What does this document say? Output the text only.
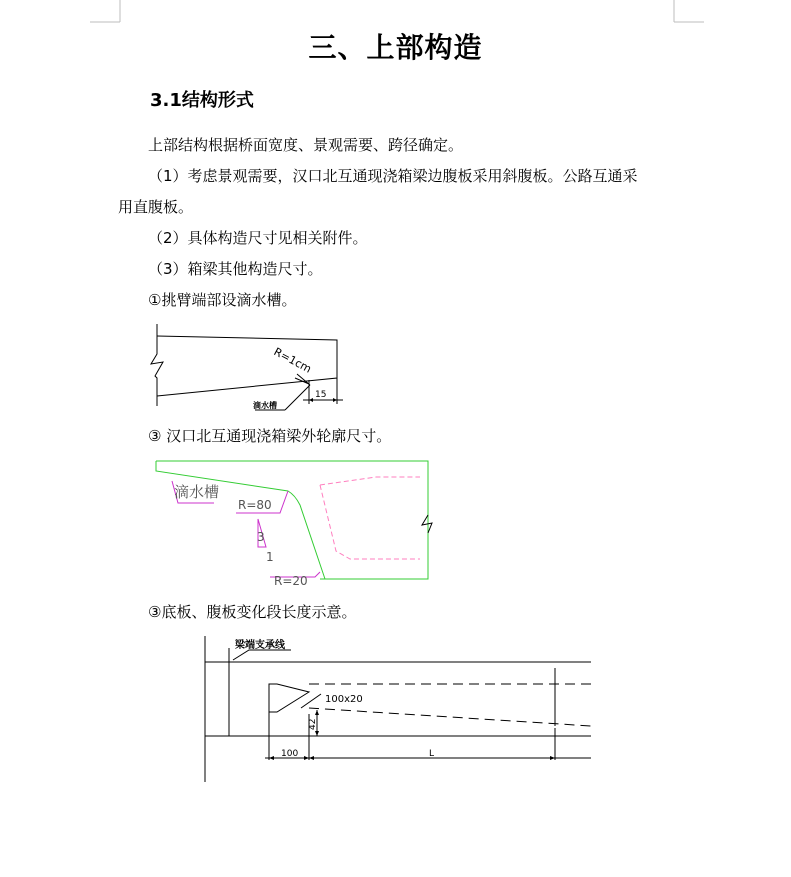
三、上部构造
3.1结构形式
上部结构根据桥面宽度、景观需要、跨径确定。
（1）考虑景观需要，汉口北互通现浇箱梁边腹板采用斜腹板。公路互通采
用直腹板。
（2）具体构造尺寸见相关附件。
（3）箱梁其他构造尺寸。
①挑臂端部设滴水槽。
R=1cm
15
滴水槽
③ 汉口北互通现浇箱梁外轮廓尺寸。
滴水槽
R=80
3
1
R=20
③底板、腹板变化段长度示意。
梁端支承线
100x20
42
100	L
